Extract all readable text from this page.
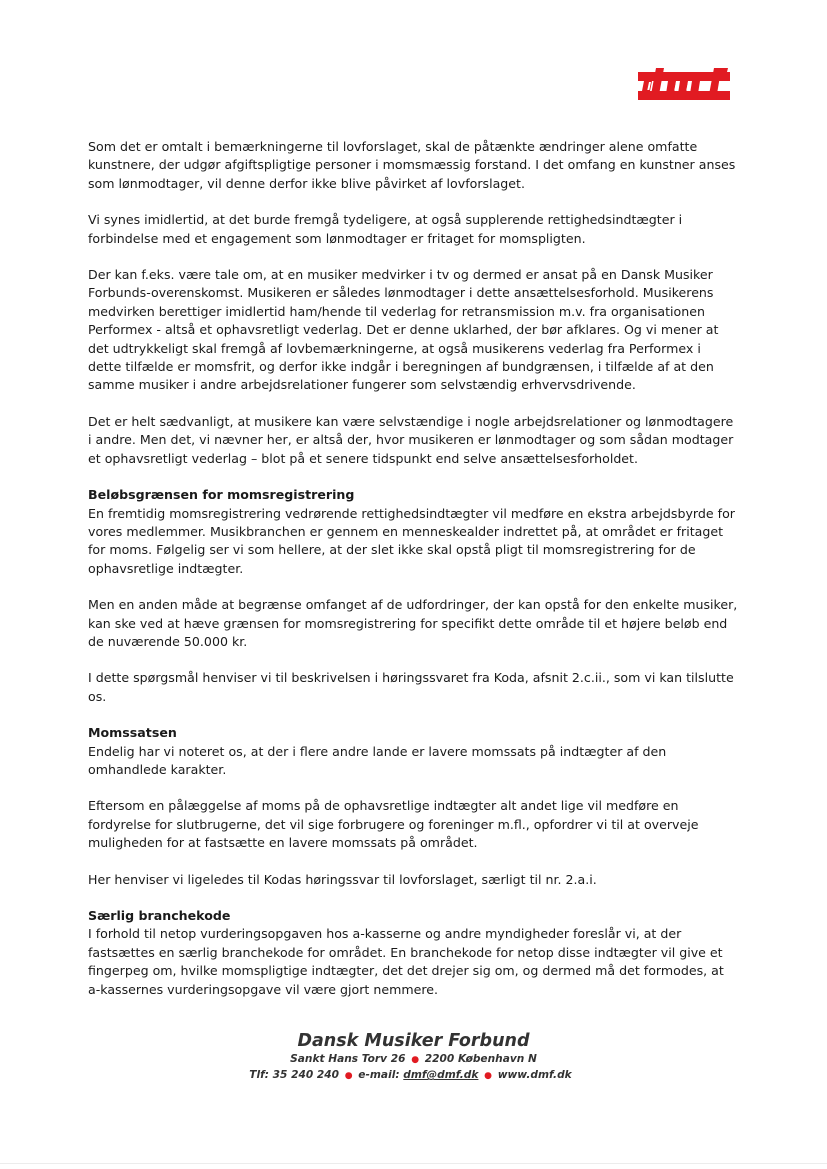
Som det er omtalt i bemærkningerne til lovforslaget, skal de påtænkte ændringer alene omfatte kunstnere, der udgør afgiftspligtige personer i momsmæssig forstand. I det omfang en kunstner anses som lønmodtager, vil denne derfor ikke blive påvirket af lovforslaget.

Vi synes imidlertid, at det burde fremgå tydeligere, at også supplerende rettighedsindtægter i forbindelse med et engagement som lønmodtager er fritaget for momspligten.

Der kan f.eks. være tale om, at en musiker medvirker i tv og dermed er ansat på en Dansk Musiker Forbunds-overenskomst. Musikeren er således lønmodtager i dette ansættelsesforhold. Musikerens medvirken berettiger imidlertid ham/hende til vederlag for retransmission m.v. fra organisationen Performex - altså et ophavsretligt vederlag. Det er denne uklarhed, der bør afklares. Og vi mener at det udtrykkeligt skal fremgå af lovbemærkningerne, at også musikerens vederlag fra Performex i dette tilfælde er momsfrit, og derfor ikke indgår i beregningen af bundgrænsen, i tilfælde af at den samme musiker i andre arbejdsrelationer fungerer som selvstændig erhvervsdrivende.

Det er helt sædvanligt, at musikere kan være selvstændige i nogle arbejdsrelationer og lønmodtagere i andre. Men det, vi nævner her, er altså der, hvor musikeren er lønmodtager og som sådan modtager et ophavsretligt vederlag – blot på et senere tidspunkt end selve ansættelsesforholdet.

Beløbsgrænsen for momsregistrering

En fremtidig momsregistrering vedrørende rettighedsindtægter vil medføre en ekstra arbejdsbyrde for vores medlemmer. Musikbranchen er gennem en menneskealder indrettet på, at området er fritaget for moms. Følgelig ser vi som hellere, at der slet ikke skal opstå pligt til momsregistrering for de ophavsretlige indtægter.

Men en anden måde at begrænse omfanget af de udfordringer, der kan opstå for den enkelte musiker, kan ske ved at hæve grænsen for momsregistrering for specifikt dette område til et højere beløb end de nuværende 50.000 kr.

I dette spørgsmål henviser vi til beskrivelsen i høringssvaret fra Koda, afsnit 2.c.ii., som vi kan tilslutte os.

Momssatsen

Endelig har vi noteret os, at der i flere andre lande er lavere momssats på indtægter af den omhandlede karakter.

Eftersom en pålæggelse af moms på de ophavsretlige indtægter alt andet lige vil medføre en fordyrelse for slutbrugerne, det vil sige forbrugere og foreninger m.fl., opfordrer vi til at overveje muligheden for at fastsætte en lavere momssats på området.

Her henviser vi ligeledes til Kodas høringssvar til lovforslaget, særligt til nr. 2.a.i.

Særlig branchekode

I forhold til netop vurderingsopgaven hos a-kasserne og andre myndigheder foreslår vi, at der fastsættes en særlig branchekode for området. En branchekode for netop disse indtægter vil give et fingerpeg om, hvilke momspligtige indtægter, det det drejer sig om, og dermed må det formodes, at a-kassernes vurderingsopgave vil være gjort nemmere.

Dansk Musiker Forbund
Sankt Hans Torv 26 ● 2200 København N
Tlf: 35 240 240 ● e-mail: dmf@dmf.dk ● www.dmf.dk
